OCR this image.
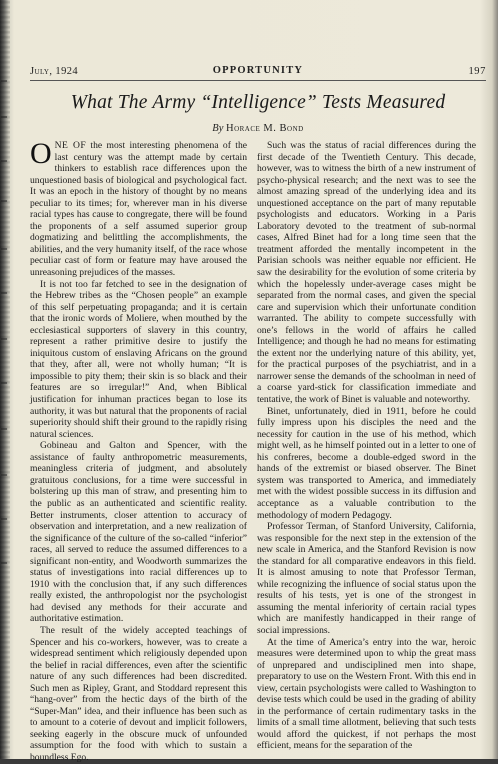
July, 1924	OPPORTUNITY	197
What The Army “Intelligence” Tests Measured
By Horace M. Bond

ONE OF the most interesting phenomena of the last century was the attempt made by certain thinkers to establish race differences upon the unquestioned basis of biological and psychological fact. It was an epoch in the history of thought by no means peculiar to its times; for, wherever man in his diverse racial types has cause to congregate, there will be found the proponents of a self assumed superior group dogmatizing and belittling the accomplishments, the abilities, and the very humanity itself, of the race whose peculiar cast of form or feature may have aroused the unreasoning prejudices of the masses.

It is not too far fetched to see in the designation of the Hebrew tribes as the “Chosen people” an example of this self perpetuating propaganda; and it is certain that the ironic words of Moliere, when mouthed by the ecclesiastical supporters of slavery in this country, represent a rather primitive desire to justify the iniquitous custom of enslaving Africans on the ground that they, after all, were not wholly human; “It is impossible to pity them; their skin is so black and their features are so irregular!” And, when Biblical justification for inhuman practices began to lose its authority, it was but natural that the proponents of racial superiority should shift their ground to the rapidly rising natural sciences.

Gobineau and Galton and Spencer, with the assistance of faulty anthropometric measurements, meaningless criteria of judgment, and absolutely gratuitous conclusions, for a time were successful in bolstering up this man of straw, and presenting him to the public as an authenticated and scientific reality. Better instruments, closer attention to accuracy of observation and interpretation, and a new realization of the significance of the culture of the so-called “inferior” races, all served to reduce the assumed differences to a significant non-entity, and Woodworth summarizes the status of investigations into racial differences up to 1910 with the conclusion that, if any such differences really existed, the anthropologist nor the psychologist had devised any methods for their accurate and authoritative estimation.

The result of the widely accepted teachings of Spencer and his co-workers, however, was to create a widespread sentiment which religiously depended upon the belief in racial differences, even after the scientific nature of any such differences had been discredited. Such men as Ripley, Grant, and Stoddard represent this “hang-over” from the hectic days of the birth of the “Super-Man” idea, and their influence has been such as to amount to a coterie of devout and implicit followers, seeking eagerly in the obscure muck of unfounded assumption for the food with which to sustain a boundless Ego.

Such was the status of racial differences during the first decade of the Twentieth Century. This decade, however, was to witness the birth of a new instrument of psycho-physical research; and the next was to see the almost amazing spread of the underlying idea and its unquestioned acceptance on the part of many reputable psychologists and educators. Working in a Paris Laboratory devoted to the treatment of sub-normal cases, Alfred Binet had for a long time seen that the treatment afforded the mentally incompetent in the Parisian schools was neither equable nor efficient. He saw the desirability for the evolution of some criteria by which the hopelessly under-average cases might be separated from the normal cases, and given the special care and supervision which their unfortunate condition warranted. The ability to compete successfully with one’s fellows in the world of affairs he called Intelligence; and though he had no means for estimating the extent nor the underlying nature of this ability, yet, for the practical purposes of the psychiatrist, and in a narrower sense the demands of the schoolman in need of a coarse yard-stick for classification immediate and tentative, the work of Binet is valuable and noteworthy.

Binet, unfortunately, died in 1911, before he could fully impress upon his disciples the need and the necessity for caution in the use of his method, which might well, as he himself pointed out in a letter to one of his confreres, become a double-edged sword in the hands of the extremist or biased observer. The Binet system was transported to America, and immediately met with the widest possible success in its diffusion and acceptance as a valuable contribution to the methodology of modern Pedagogy.

Professor Terman, of Stanford University, California, was responsible for the next step in the extension of the new scale in America, and the Stanford Revision is now the standard for all comparative endeavors in this field. It is almost amusing to note that Professor Terman, while recognizing the influence of social status upon the results of his tests, yet is one of the strongest in assuming the mental inferiority of certain racial types which are manifestly handicapped in their range of social impressions.

At the time of America’s entry into the war, heroic measures were determined upon to whip the great mass of unprepared and undisciplined men into shape, preparatory to use on the Western Front. With this end in view, certain psychologists were called to Washington to devise tests which could be used in the grading of ability in the performance of certain rudimentary tasks in the limits of a small time allotment, believing that such tests would afford the quickest, if not perhaps the most efficient, means for the separation of the
